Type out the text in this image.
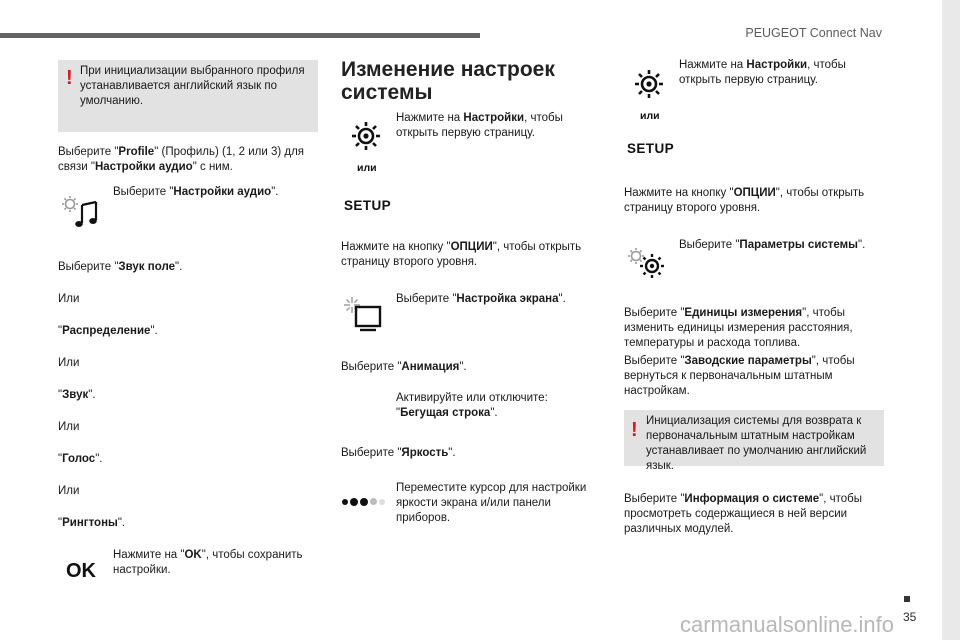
PEUGEOT Connect Nav
35
carmanualsonline.info
! При инициализации выбранного профиля устанавливается английский язык по умолчанию.
Выберите "Profile" (Профиль) (1, 2 или 3) для связи "Настройки аудио" с ним.
Выберите "Настройки аудио".
Выберите "Звук поле".
Или
"Распределение".
Или
"Звук".
Или
"Голос".
Или
"Рингтоны".
OK
Нажмите на "OK", чтобы сохранить настройки.
Изменение настроек системы
Нажмите на Настройки, чтобы открыть первую страницу.
или
SETUP
Нажмите на кнопку "ОПЦИИ", чтобы открыть страницу второго уровня.
Выберите "Настройка экрана".
Выберите "Анимация".
Активируйте или отключите: "Бегущая строка".
Выберите "Яркость".
Переместите курсор для настройки яркости экрана и/или панели приборов.
Нажмите на Настройки, чтобы открыть первую страницу.
или
SETUP
Нажмите на кнопку "ОПЦИИ", чтобы открыть страницу второго уровня.
Выберите "Параметры системы".
Выберите "Единицы измерения", чтобы изменить единицы измерения расстояния, температуры и расхода топлива.
Выберите "Заводские параметры", чтобы вернуться к первоначальным штатным настройкам.
! Инициализация системы для возврата к первоначальным штатным настройкам устанавливает по умолчанию английский язык.
Выберите "Информация о системе", чтобы просмотреть содержащиеся в ней версии различных модулей.
